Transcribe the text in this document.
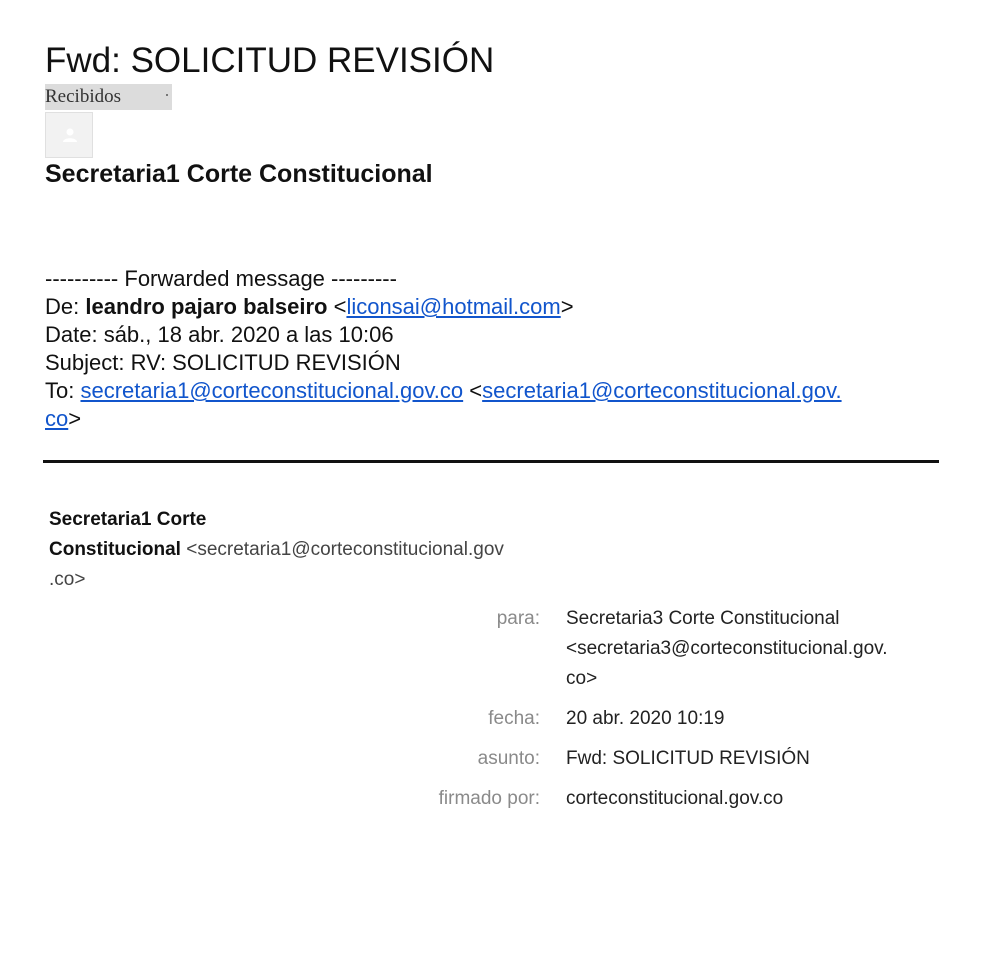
Fwd: SOLICITUD REVISIÓN
Recibidos
Secretaria1 Corte Constitucional
---------- Forwarded message ---------
De: leandro pajaro balseiro <liconsai@hotmail.com>
Date: sáb., 18 abr. 2020 a las 10:06
Subject: RV: SOLICITUD REVISIÓN
To: secretaria1@corteconstitucional.gov.co <secretaria1@corteconstitucional.gov.
co>
Secretaria1 Corte
Constitucional <secretaria1@corteconstitucional.gov
.co>
para: Secretaria3 Corte Constitucional
<secretaria3@corteconstitucional.gov.
co>
fecha: 20 abr. 2020 10:19
asunto: Fwd: SOLICITUD REVISIÓN
firmado por: corteconstitucional.gov.co
